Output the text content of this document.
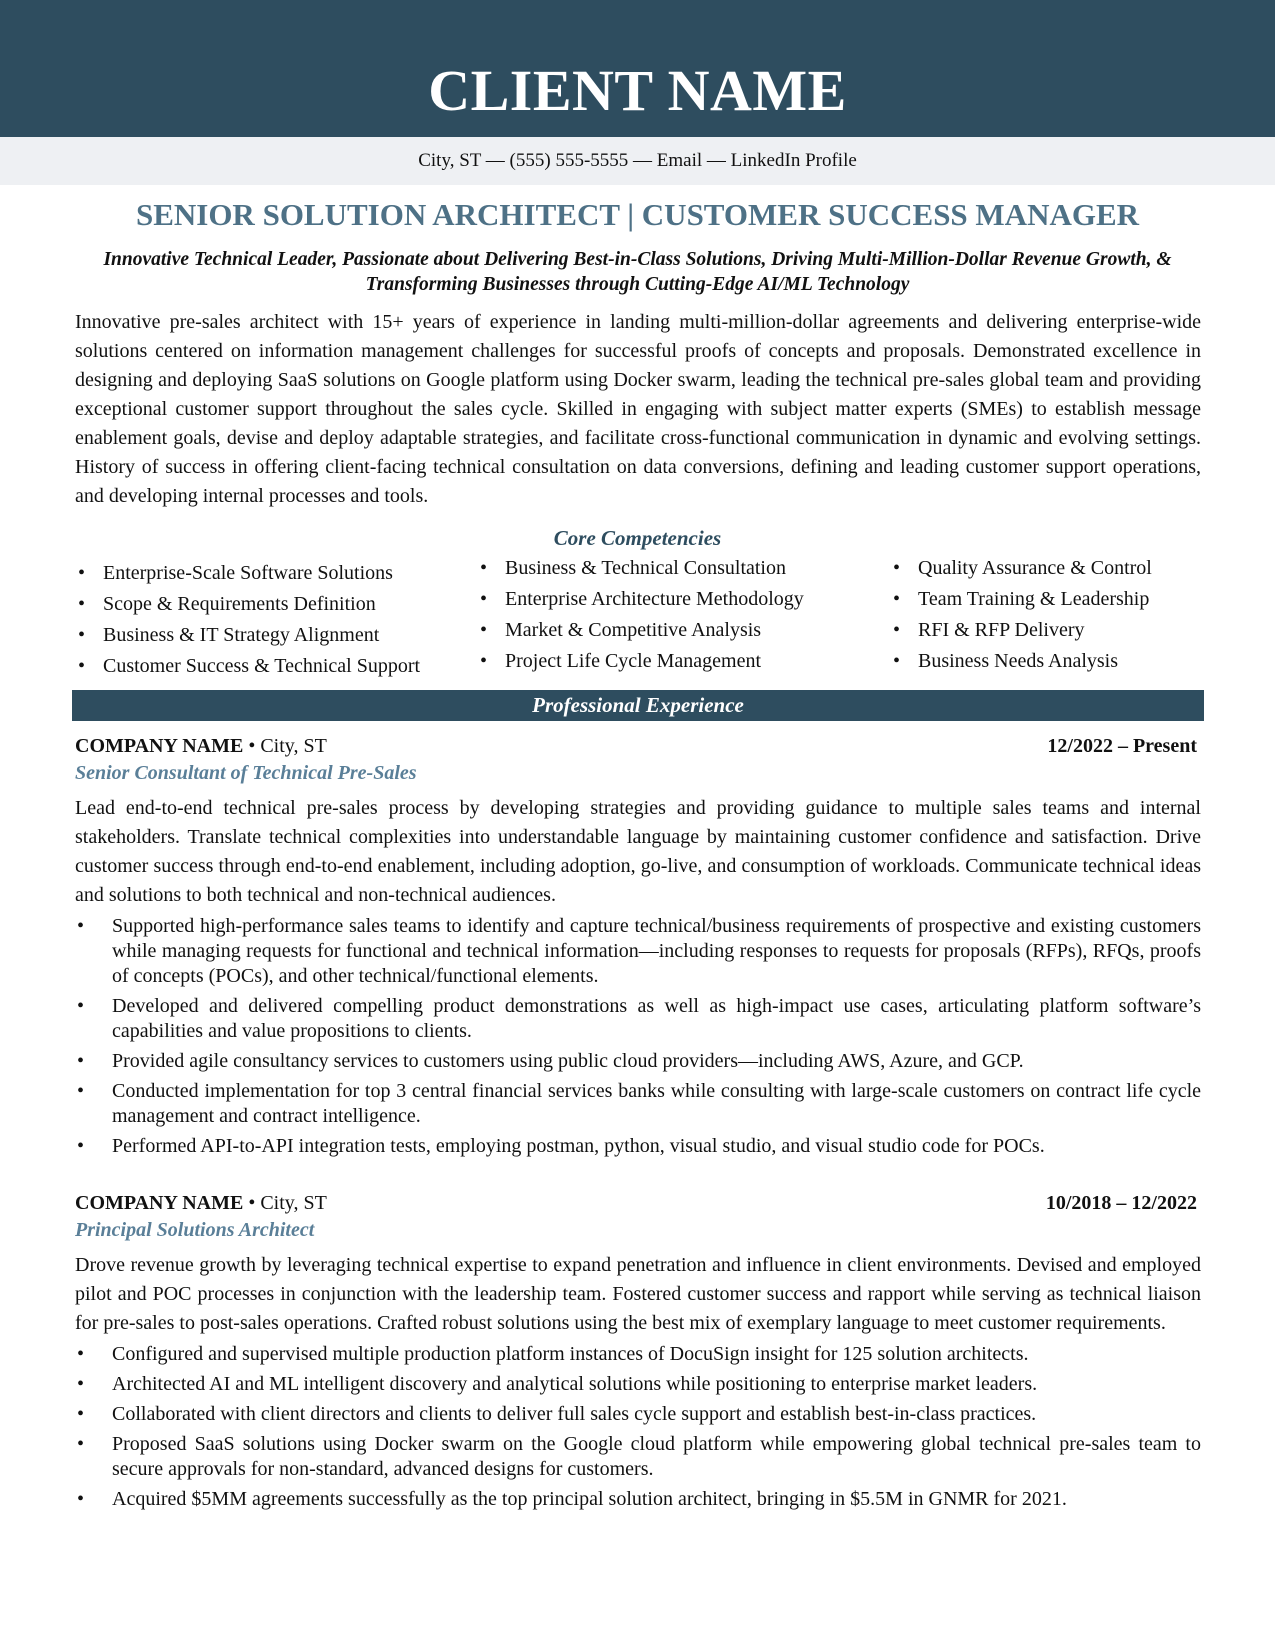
CLIENT NAME
City, ST — (555) 555-5555 — Email — LinkedIn Profile
SENIOR SOLUTION ARCHITECT | CUSTOMER SUCCESS MANAGER
Innovative Technical Leader, Passionate about Delivering Best-in-Class Solutions, Driving Multi-Million-Dollar Revenue Growth, & Transforming Businesses through Cutting-Edge AI/ML Technology
Innovative pre-sales architect with 15+ years of experience in landing multi-million-dollar agreements and delivering enterprise-wide solutions centered on information management challenges for successful proofs of concepts and proposals. Demonstrated excellence in designing and deploying SaaS solutions on Google platform using Docker swarm, leading the technical pre-sales global team and providing exceptional customer support throughout the sales cycle. Skilled in engaging with subject matter experts (SMEs) to establish message enablement goals, devise and deploy adaptable strategies, and facilitate cross-functional communication in dynamic and evolving settings. History of success in offering client-facing technical consultation on data conversions, defining and leading customer support operations, and developing internal processes and tools.
Core Competencies
• Enterprise-Scale Software Solutions
• Scope & Requirements Definition
• Business & IT Strategy Alignment
• Customer Success & Technical Support
• Business & Technical Consultation
• Enterprise Architecture Methodology
• Market & Competitive Analysis
• Project Life Cycle Management
• Quality Assurance & Control
• Team Training & Leadership
• RFI & RFP Delivery
• Business Needs Analysis
Professional Experience
COMPANY NAME • City, ST	12/2022 – Present
Senior Consultant of Technical Pre-Sales
Lead end-to-end technical pre-sales process by developing strategies and providing guidance to multiple sales teams and internal stakeholders. Translate technical complexities into understandable language by maintaining customer confidence and satisfaction. Drive customer success through end-to-end enablement, including adoption, go-live, and consumption of workloads. Communicate technical ideas and solutions to both technical and non-technical audiences.
• Supported high-performance sales teams to identify and capture technical/business requirements of prospective and existing customers while managing requests for functional and technical information—including responses to requests for proposals (RFPs), RFQs, proofs of concepts (POCs), and other technical/functional elements.
• Developed and delivered compelling product demonstrations as well as high-impact use cases, articulating platform software’s capabilities and value propositions to clients.
• Provided agile consultancy services to customers using public cloud providers—including AWS, Azure, and GCP.
• Conducted implementation for top 3 central financial services banks while consulting with large-scale customers on contract life cycle management and contract intelligence.
• Performed API-to-API integration tests, employing postman, python, visual studio, and visual studio code for POCs.
COMPANY NAME • City, ST	10/2018 – 12/2022
Principal Solutions Architect
Drove revenue growth by leveraging technical expertise to expand penetration and influence in client environments. Devised and employed pilot and POC processes in conjunction with the leadership team. Fostered customer success and rapport while serving as technical liaison for pre-sales to post-sales operations. Crafted robust solutions using the best mix of exemplary language to meet customer requirements.
• Configured and supervised multiple production platform instances of DocuSign insight for 125 solution architects.
• Architected AI and ML intelligent discovery and analytical solutions while positioning to enterprise market leaders.
• Collaborated with client directors and clients to deliver full sales cycle support and establish best-in-class practices.
• Proposed SaaS solutions using Docker swarm on the Google cloud platform while empowering global technical pre-sales team to secure approvals for non-standard, advanced designs for customers.
• Acquired $5MM agreements successfully as the top principal solution architect, bringing in $5.5M in GNMR for 2021.
